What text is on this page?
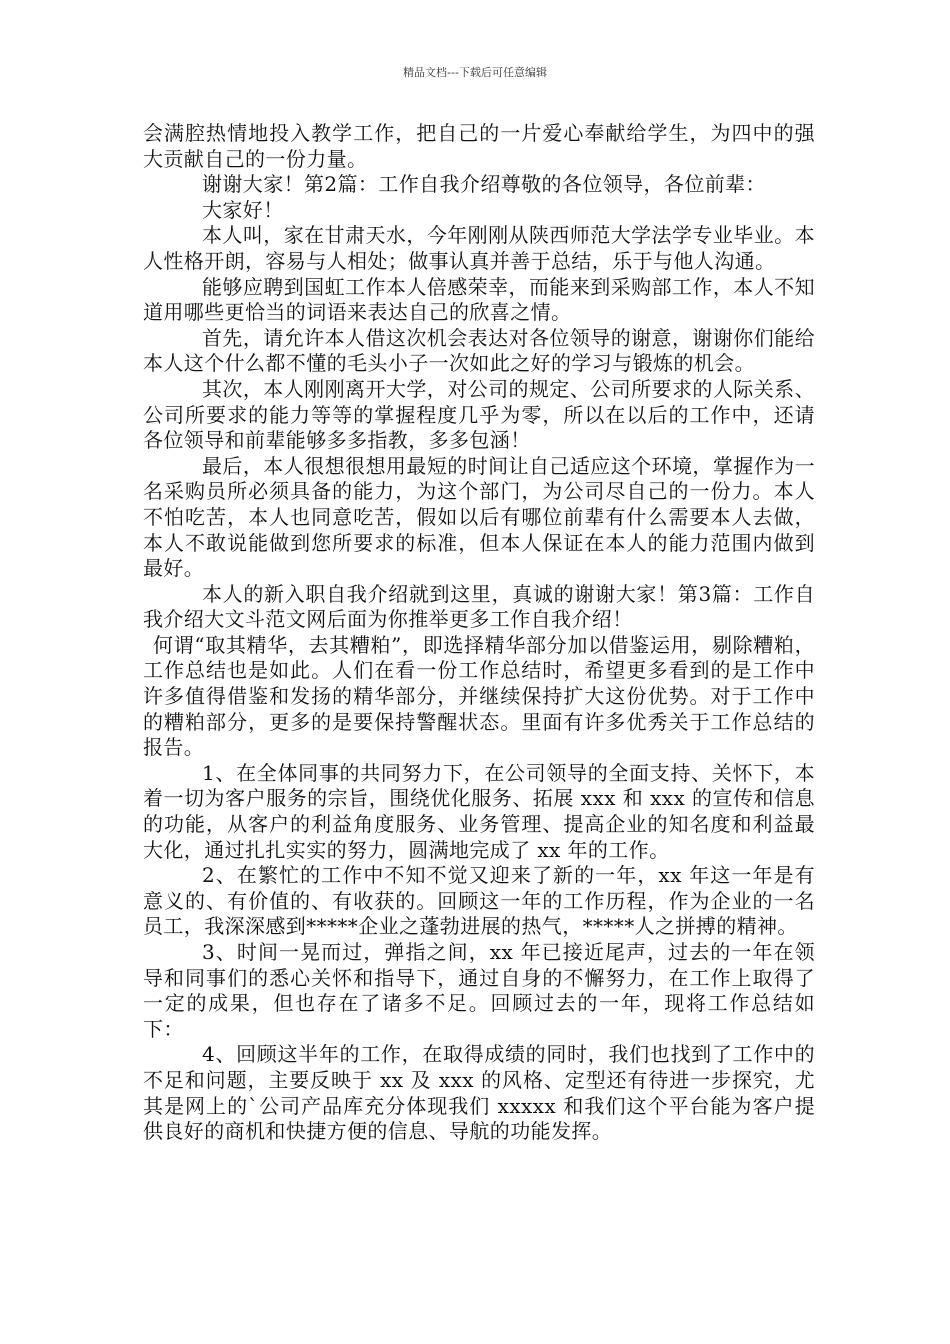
精品文档---下载后可任意编辑

会满腔热情地投入教学工作，把自己的一片爱心奉献给学生，为四中的强大贡献自己的一份力量。

谢谢大家！第2篇：工作自我介绍尊敬的各位领导，各位前辈：

大家好！

本人叫，家在甘肃天水，今年刚刚从陕西师范大学法学专业毕业。本人性格开朗，容易与人相处；做事认真并善于总结，乐于与他人沟通。

能够应聘到国虹工作本人倍感荣幸，而能来到采购部工作，本人不知道用哪些更恰当的词语来表达自己的欣喜之情。

首先，请允许本人借这次机会表达对各位领导的谢意，谢谢你们能给本人这个什么都不懂的毛头小子一次如此之好的学习与锻炼的机会。

其次，本人刚刚离开大学，对公司的规定、公司所要求的人际关系、公司所要求的能力等等的掌握程度几乎为零，所以在以后的工作中，还请各位领导和前辈能够多多指教，多多包涵！

最后，本人很想很想用最短的时间让自己适应这个环境，掌握作为一名采购员所必须具备的能力，为这个部门，为公司尽自己的一份力。本人不怕吃苦，本人也同意吃苦，假如以后有哪位前辈有什么需要本人去做，本人不敢说能做到您所要求的标准，但本人保证在本人的能力范围内做到最好。

本人的新入职自我介绍就到这里，真诚的谢谢大家！第3篇：工作自我介绍大文斗范文网后面为你推举更多工作自我介绍！

何谓“取其精华，去其糟粕”，即选择精华部分加以借鉴运用，剔除糟粕，工作总结也是如此。人们在看一份工作总结时，希望更多看到的是工作中许多值得借鉴和发扬的精华部分，并继续保持扩大这份优势。对于工作中的糟粕部分，更多的是要保持警醒状态。里面有许多优秀关于工作总结的报告。

1、在全体同事的共同努力下，在公司领导的全面支持、关怀下，本着一切为客户服务的宗旨，围绕优化服务、拓展 xxx 和 xxx 的宣传和信息的功能，从客户的利益角度服务、业务管理、提高企业的知名度和利益最大化，通过扎扎实实的努力，圆满地完成了 xx 年的工作。

2、在繁忙的工作中不知不觉又迎来了新的一年，xx 年这一年是有意义的、有价值的、有收获的。回顾这一年的工作历程，作为企业的一名员工，我深深感到*****企业之蓬勃进展的热气，*****人之拼搏的精神。

3、时间一晃而过，弹指之间，xx 年已接近尾声，过去的一年在领导和同事们的悉心关怀和指导下，通过自身的不懈努力，在工作上取得了一定的成果，但也存在了诸多不足。回顾过去的一年，现将工作总结如下：

4、回顾这半年的工作，在取得成绩的同时，我们也找到了工作中的不足和问题，主要反映于 xx 及 xxx 的风格、定型还有待进一步探究，尤其是网上的`公司产品库充分体现我们 xxxxx 和我们这个平台能为客户提供良好的商机和快捷方便的信息、导航的功能发挥。
